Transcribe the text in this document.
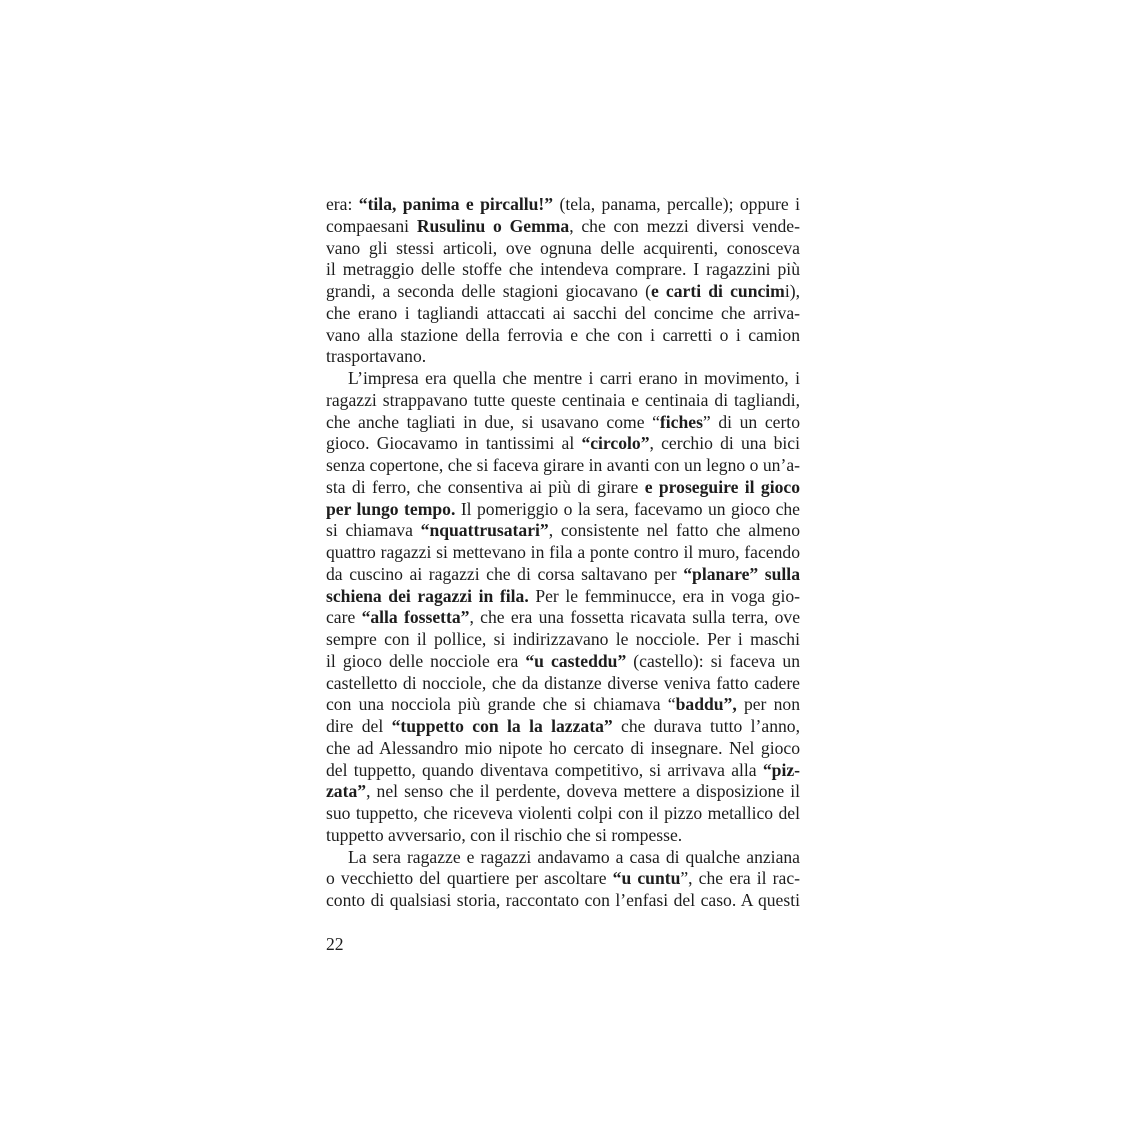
era: “tila, panima e pircallu!” (tela, panama, percalle); oppure i
compaesani Rusulinu o Gemma, che con mezzi diversi vende-
vano gli stessi articoli, ove ognuna delle acquirenti, conosceva
il metraggio delle stoffe che intendeva comprare. I ragazzini più
grandi, a seconda delle stagioni giocavano (e carti di cuncimi),
che erano i tagliandi attaccati ai sacchi del concime che arriva-
vano alla stazione della ferrovia e che con i carretti o i camion
trasportavano.
L’impresa era quella che mentre i carri erano in movimento, i
ragazzi strappavano tutte queste centinaia e centinaia di tagliandi,
che anche tagliati in due, si usavano come “fiches” di un certo
gioco. Giocavamo in tantissimi al “circolo”, cerchio di una bici
senza copertone, che si faceva girare in avanti con un legno o un’a-
sta di ferro, che consentiva ai più di girare e proseguire il gioco
per lungo tempo. Il pomeriggio o la sera, facevamo un gioco che
si chiamava “nquattrusatari”, consistente nel fatto che almeno
quattro ragazzi si mettevano in fila a ponte contro il muro, facendo
da cuscino ai ragazzi che di corsa saltavano per “planare” sulla
schiena dei ragazzi in fila. Per le femminucce, era in voga gio-
care “alla fossetta”, che era una fossetta ricavata sulla terra, ove
sempre con il pollice, si indirizzavano le nocciole. Per i maschi
il gioco delle nocciole era “u casteddu” (castello): si faceva un
castelletto di nocciole, che da distanze diverse veniva fatto cadere
con una nocciola più grande che si chiamava “baddu”, per non
dire del “tuppetto con la la lazzata” che durava tutto l’anno,
che ad Alessandro mio nipote ho cercato di insegnare. Nel gioco
del tuppetto, quando diventava competitivo, si arrivava alla “piz-
zata”, nel senso che il perdente, doveva mettere a disposizione il
suo tuppetto, che riceveva violenti colpi con il pizzo metallico del
tuppetto avversario, con il rischio che si rompesse.
La sera ragazze e ragazzi andavamo a casa di qualche anziana
o vecchietto del quartiere per ascoltare “u cuntu”, che era il rac-
conto di qualsiasi storia, raccontato con l’enfasi del caso. A questi
22
